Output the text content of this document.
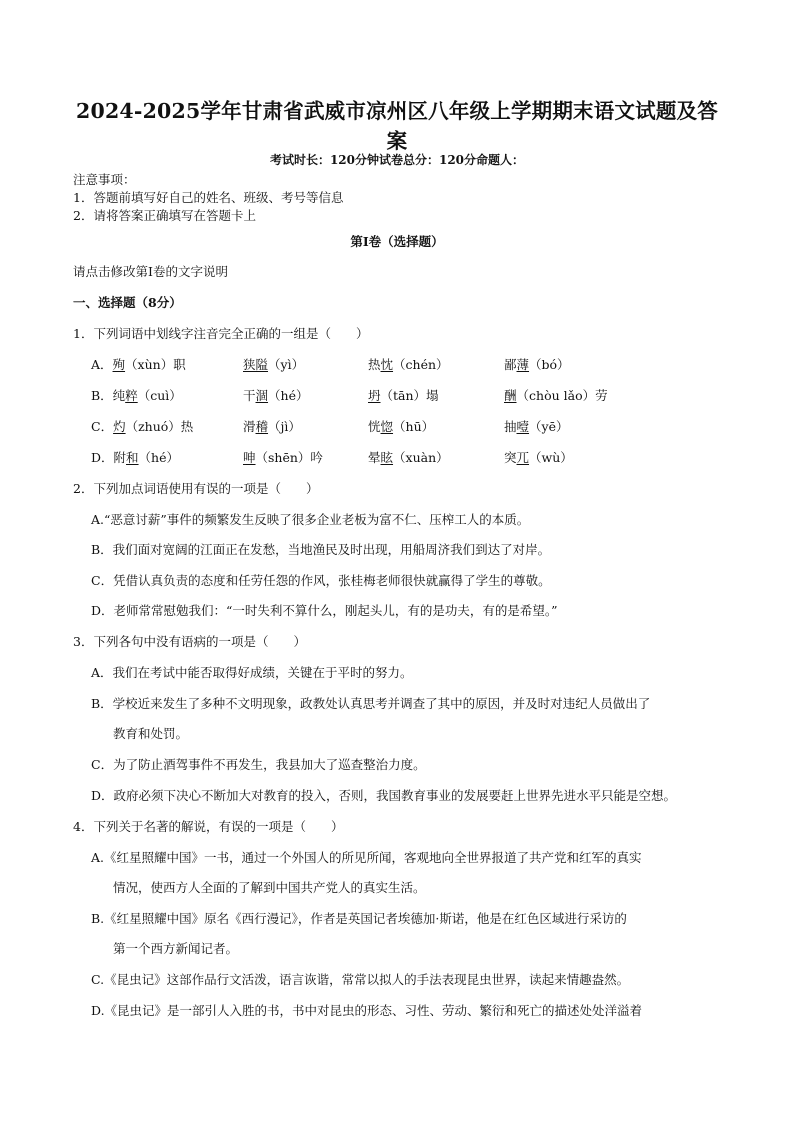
2024-2025学年甘肃省武威市凉州区八年级上学期期末语文试题及答
案
考试时长：120分钟试卷总分：120分命题人：
注意事项：
1．答题前填写好自己的姓名、班级、考号等信息
2．请将答案正确填写在答题卡上
第I卷（选择题）
请点击修改第I卷的文字说明
一、选择题（8分）
1．下列词语中划线字注音完全正确的一组是（　　）
A．殉（xùn）职	狭隘（yì）	热忱（chén）	鄙薄（bó）
B．纯粹（cuì）	干涸（hé）	坍（tān）塌	酬（chòu lǎo）劳
C．灼（zhuó）热	滑稽（jì）	恍惚（hū）	抽噎（yē）
D．附和（hé）	呻（shēn）吟	晕眩（xuàn）	突兀（wù）
2．下列加点词语使用有误的一项是（　　）
A.“恶意讨薪”事件的频繁发生反映了很多企业老板为富不仁、压榨工人的本质。
B．我们面对宽阔的江面正在发愁，当地渔民及时出现，用船周济我们到达了对岸。
C．凭借认真负责的态度和任劳任怨的作风，张桂梅老师很快就赢得了学生的尊敬。
D．老师常常慰勉我们：“一时失利不算什么，刚起头儿，有的是功夫，有的是希望。”
3．下列各句中没有语病的一项是（　　）
A．我们在考试中能否取得好成绩，关键在于平时的努力。
B．学校近来发生了多种不文明现象，政教处认真思考并调查了其中的原因，并及时对违纪人员做出了
教育和处罚。
C．为了防止酒驾事件不再发生，我县加大了巡查整治力度。
D．政府必须下决心不断加大对教育的投入，否则，我国教育事业的发展要赶上世界先进水平只能是空想。
4．下列关于名著的解说，有误的一项是（　　）
A.《红星照耀中国》一书，通过一个外国人的所见所闻，客观地向全世界报道了共产党和红军的真实
情况，使西方人全面的了解到中国共产党人的真实生活。
B.《红星照耀中国》原名《西行漫记》，作者是英国记者埃德加·斯诺，他是在红色区域进行采访的
第一个西方新闻记者。
C.《昆虫记》这部作品行文活泼，语言诙谐，常常以拟人的手法表现昆虫世界，读起来情趣盎然。
D.《昆虫记》是一部引人入胜的书，书中对昆虫的形态、习性、劳动、繁衍和死亡的描述处处洋溢着
